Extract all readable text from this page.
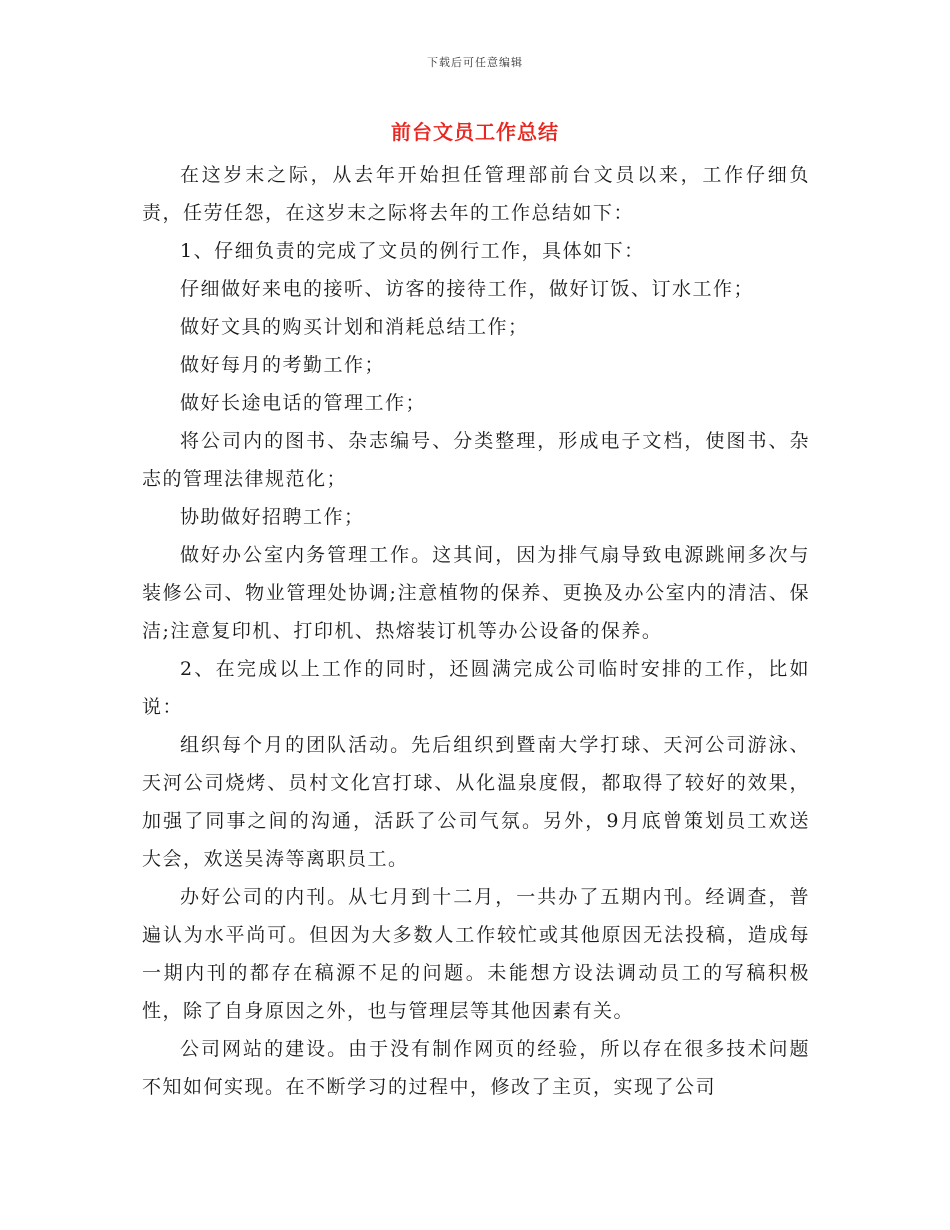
下载后可任意编辑
前台文员工作总结

在这岁末之际，从去年开始担任管理部前台文员以来，工作仔细负责，任劳任怨，在这岁末之际将去年的工作总结如下：

1、仔细负责的完成了文员的例行工作，具体如下：

仔细做好来电的接听、访客的接待工作，做好订饭、订水工作；

做好文具的购买计划和消耗总结工作；

做好每月的考勤工作；

做好长途电话的管理工作；

将公司内的图书、杂志编号、分类整理，形成电子文档，使图书、杂志的管理法律规范化；

协助做好招聘工作；

做好办公室内务管理工作。这其间，因为排气扇导致电源跳闸多次与装修公司、物业管理处协调;注意植物的保养、更换及办公室内的清洁、保洁;注意复印机、打印机、热熔装订机等办公设备的保养。

2、在完成以上工作的同时，还圆满完成公司临时安排的工作，比如说：

组织每个月的团队活动。先后组织到暨南大学打球、天河公司游泳、天河公司烧烤、员村文化宫打球、从化温泉度假，都取得了较好的效果，加强了同事之间的沟通，活跃了公司气氛。另外，9月底曾策划员工欢送大会，欢送吴涛等离职员工。

办好公司的内刊。从七月到十二月，一共办了五期内刊。经调查，普遍认为水平尚可。但因为大多数人工作较忙或其他原因无法投稿，造成每一期内刊的都存在稿源不足的问题。未能想方设法调动员工的写稿积极性，除了自身原因之外，也与管理层等其他因素有关。

公司网站的建设。由于没有制作网页的经验，所以存在很多技术问题不知如何实现。在不断学习的过程中，修改了主页，实现了公司
